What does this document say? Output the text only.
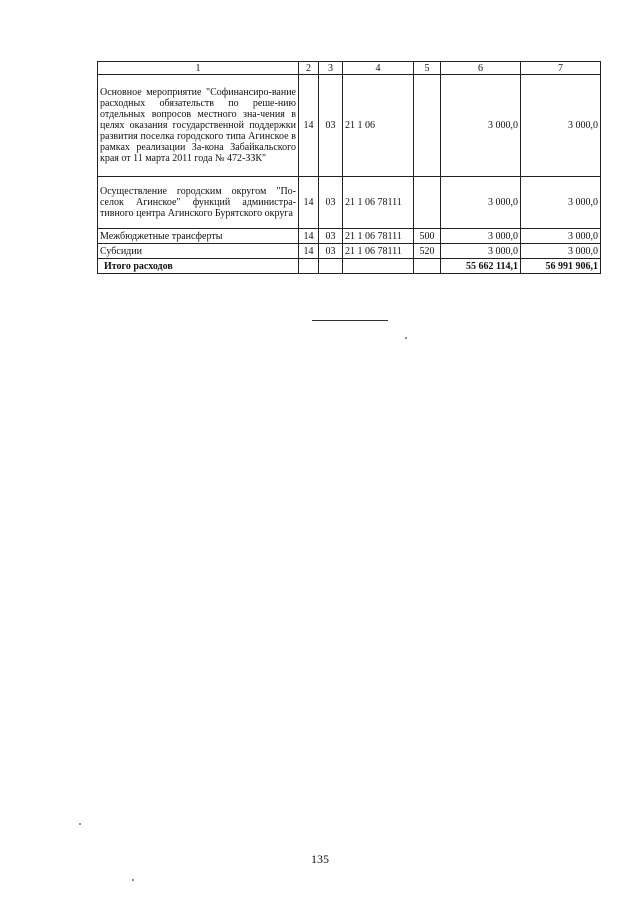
1	2	3	4	5	6	7
Основное мероприятие "Софинансиро-вание расходных обязательств по реше-нию отдельных вопросов местного зна-чения в целях оказания государственной поддержки развития поселка городского типа Агинское в рамках реализации За-кона Забайкальского края от 11 марта 2011 года № 472-ЗЗК"	14	03	21 1 06		3 000,0	3 000,0
Осуществление городским округом "По-селок Агинское" функций администра-тивного центра Агинского Бурятского округа	14	03	21 1 06 78111		3 000,0	3 000,0
Межбюджетные трансферты	14	03	21 1 06 78111	500	3 000,0	3 000,0
Субсидии	14	03	21 1 06 78111	520	3 000,0	3 000,0
Итого расходов					55 662 114,1	56 991 906,1
135
